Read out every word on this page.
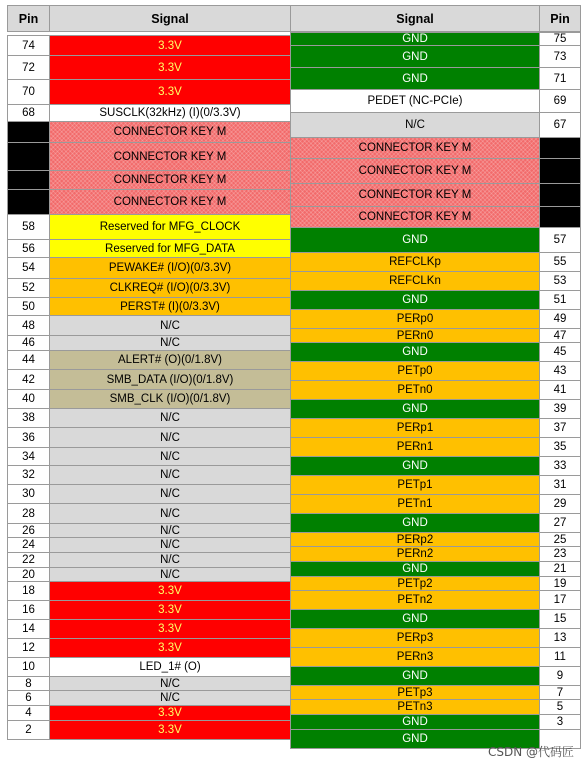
Pin	Signal
74	3.3V
72	3.3V
70	3.3V
68	SUSCLK(32kHz) (I)(0/3.3V)
CONNECTOR KEY M
CONNECTOR KEY M
CONNECTOR KEY M
CONNECTOR KEY M
58	Reserved for MFG_CLOCK
56	Reserved for MFG_DATA
54	PEWAKE# (I/O)(0/3.3V)
52	CLKREQ# (I/O)(0/3.3V)
50	PERST# (I)(0/3.3V)
48	N/C
46	N/C
44	ALERT# (O)(0/1.8V)
42	SMB_DATA (I/O)(0/1.8V)
40	SMB_CLK (I/O)(0/1.8V)
38	N/C
36	N/C
34	N/C
32	N/C
30	N/C
28	N/C
26	N/C
24	N/C
22	N/C
20	N/C
18	3.3V
16	3.3V
14	3.3V
12	3.3V
10	LED_1# (O)
8	N/C
6	N/C
4	3.3V
2	3.3V
Signal	Pin
GND	75
GND	73
GND	71
PEDET (NC-PCIe)	69
N/C	67
CONNECTOR KEY M
CONNECTOR KEY M
CONNECTOR KEY M
CONNECTOR KEY M
GND	57
REFCLKp	55
REFCLKn	53
GND	51
PERp0	49
PERn0	47
GND	45
PETp0	43
PETn0	41
GND	39
PERp1	37
PERn1	35
GND	33
PETp1	31
PETn1	29
GND	27
PERp2	25
PERn2	23
GND	21
PETp2	19
PETn2	17
GND	15
PERp3	13
PERn3	11
GND	9
PETp3	7
PETn3	5
GND	3
GND
CSDN @代码匠
